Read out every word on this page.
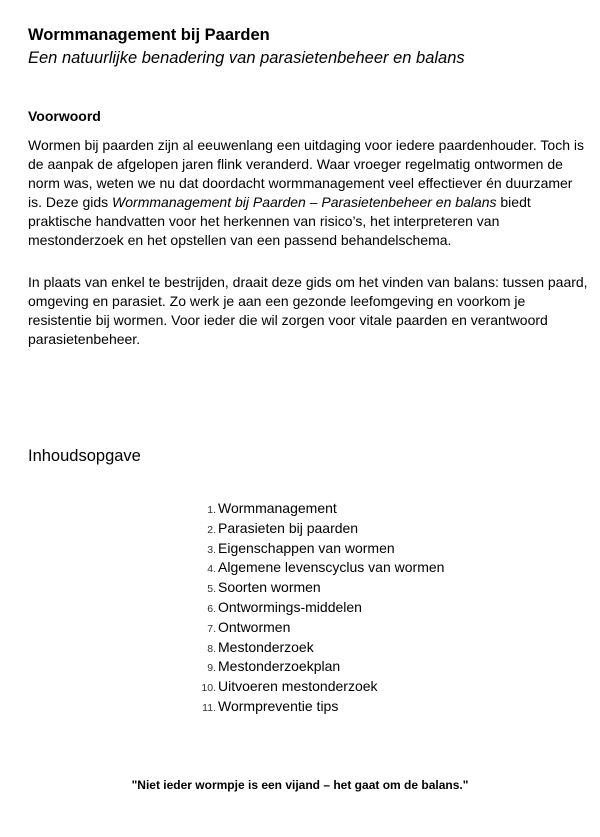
Wormmanagement bij Paarden

Een natuurlijke benadering van parasietenbeheer en balans

Voorwoord

Wormen bij paarden zijn al eeuwenlang een uitdaging voor iedere paardenhouder. Toch is de aanpak de afgelopen jaren flink veranderd. Waar vroeger regelmatig ontwormen de norm was, weten we nu dat doordacht wormmanagement veel effectiever én duurzamer is. Deze gids Wormmanagement bij Paarden – Parasietenbeheer en balans biedt praktische handvatten voor het herkennen van risico’s, het interpreteren van mestonderzoek en het opstellen van een passend behandelschema.

In plaats van enkel te bestrijden, draait deze gids om het vinden van balans: tussen paard, omgeving en parasiet. Zo werk je aan een gezonde leefomgeving en voorkom je resistentie bij wormen. Voor ieder die wil zorgen voor vitale paarden en verantwoord parasietenbeheer.

Inhoudsopgave
1. Wormmanagement
2. Parasieten bij paarden
3. Eigenschappen van wormen
4. Algemene levenscyclus van wormen
5. Soorten wormen
6. Ontwormings-middelen
7. Ontwormen
8. Mestonderzoek
9. Mestonderzoekplan
10. Uitvoeren mestonderzoek
11. Wormpreventie tips

"Niet ieder wormpje is een vijand – het gaat om de balans."
